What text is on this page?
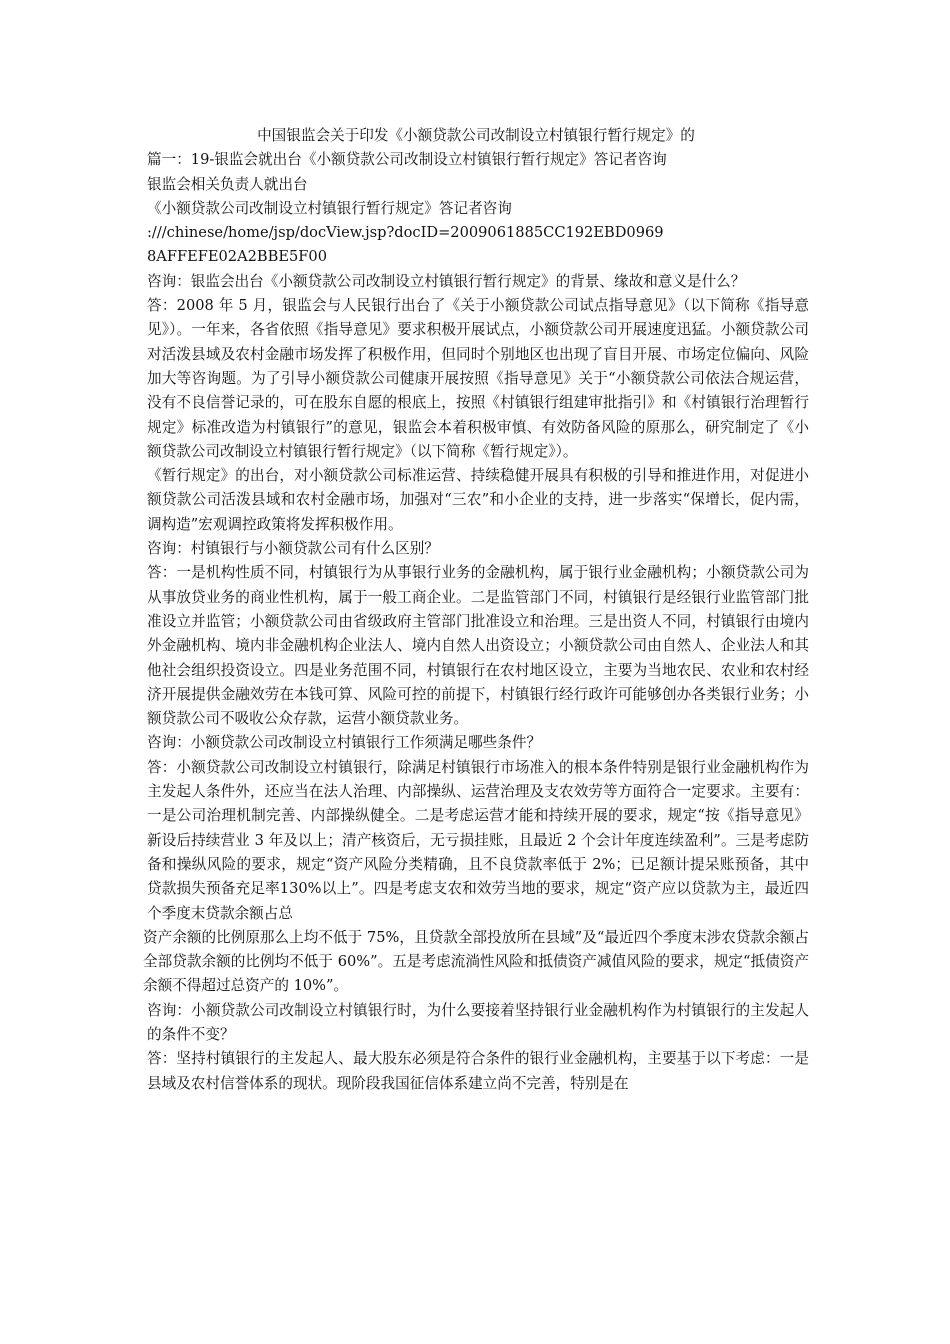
中国银监会关于印发《小额贷款公司改制设立村镇银行暂行规定》的

篇一：19-银监会就出台《小额贷款公司改制设立村镇银行暂行规定》答记者咨询

银监会相关负责人就出台

《小额贷款公司改制设立村镇银行暂行规定》答记者咨询

:///chinese/home/jsp/docView.jsp?docID=2009061885CC192EBD0969

8AFFEFE02A2BBE5F00

咨询：银监会出台《小额贷款公司改制设立村镇银行暂行规定》的背景、缘故和意义是什么？

答：2008 年 5 月，银监会与人民银行出台了《关于小额贷款公司试点指导意见》（以下简称《指导意见》）。一年来，各省依照《指导意见》要求积极开展试点，小额贷款公司开展速度迅猛。小额贷款公司对活泼县域及农村金融市场发挥了积极作用，但同时个别地区也出现了盲目开展、市场定位偏向、风险加大等咨询题。为了引导小额贷款公司健康开展按照《指导意见》关于“小额贷款公司依法合规运营，没有不良信誉记录的，可在股东自愿的根底上，按照《村镇银行组建审批指引》和《村镇银行治理暂行规定》标准改造为村镇银行”的意见，银监会本着积极审慎、有效防备风险的原那么，研究制定了《小额贷款公司改制设立村镇银行暂行规定》（以下简称《暂行规定》）。

《暂行规定》的出台，对小额贷款公司标准运营、持续稳健开展具有积极的引导和推进作用，对促进小额贷款公司活泼县域和农村金融市场，加强对“三农”和小企业的支持，进一步落实“保增长，促内需，调构造”宏观调控政策将发挥积极作用。

咨询：村镇银行与小额贷款公司有什么区别？

答：一是机构性质不同，村镇银行为从事银行业务的金融机构，属于银行业金融机构；小额贷款公司为从事放贷业务的商业性机构，属于一般工商企业。二是监管部门不同，村镇银行是经银行业监管部门批准设立并监管；小额贷款公司由省级政府主管部门批准设立和治理。三是出资人不同，村镇银行由境内外金融机构、境内非金融机构企业法人、境内自然人出资设立；小额贷款公司由自然人、企业法人和其他社会组织投资设立。四是业务范围不同，村镇银行在农村地区设立，主要为当地农民、农业和农村经济开展提供金融效劳在本钱可算、风险可控的前提下，村镇银行经行政许可能够创办各类银行业务；小额贷款公司不吸收公众存款，运营小额贷款业务。

咨询：小额贷款公司改制设立村镇银行工作须满足哪些条件？

答：小额贷款公司改制设立村镇银行，除满足村镇银行市场准入的根本条件特别是银行业金融机构作为主发起人条件外，还应当在法人治理、内部操纵、运营治理及支农效劳等方面符合一定要求。主要有：一是公司治理机制完善、内部操纵健全。二是考虑运营才能和持续开展的要求，规定“按《指导意见》新设后持续营业 3 年及以上；清产核资后，无亏损挂账，且最近 2 个会计年度连续盈利”。三是考虑防备和操纵风险的要求，规定“资产风险分类精确，且不良贷款率低于 2%；已足额计提呆账预备，其中贷款损失预备充足率130%以上”。四是考虑支农和效劳当地的要求，规定“资产应以贷款为主，最近四个季度末贷款余额占总

资产余额的比例原那么上均不低于 75%，且贷款全部投放所在县域”及“最近四个季度末涉农贷款余额占全部贷款余额的比例均不低于 60%”。五是考虑流淌性风险和抵债资产减值风险的要求，规定“抵债资产余额不得超过总资产的 10%”。

咨询：小额贷款公司改制设立村镇银行时，为什么要接着坚持银行业金融机构作为村镇银行的主发起人的条件不变？

答：坚持村镇银行的主发起人、最大股东必须是符合条件的银行业金融机构，主要基于以下考虑：一是县域及农村信誉体系的现状。现阶段我国征信体系建立尚不完善，特别是在
